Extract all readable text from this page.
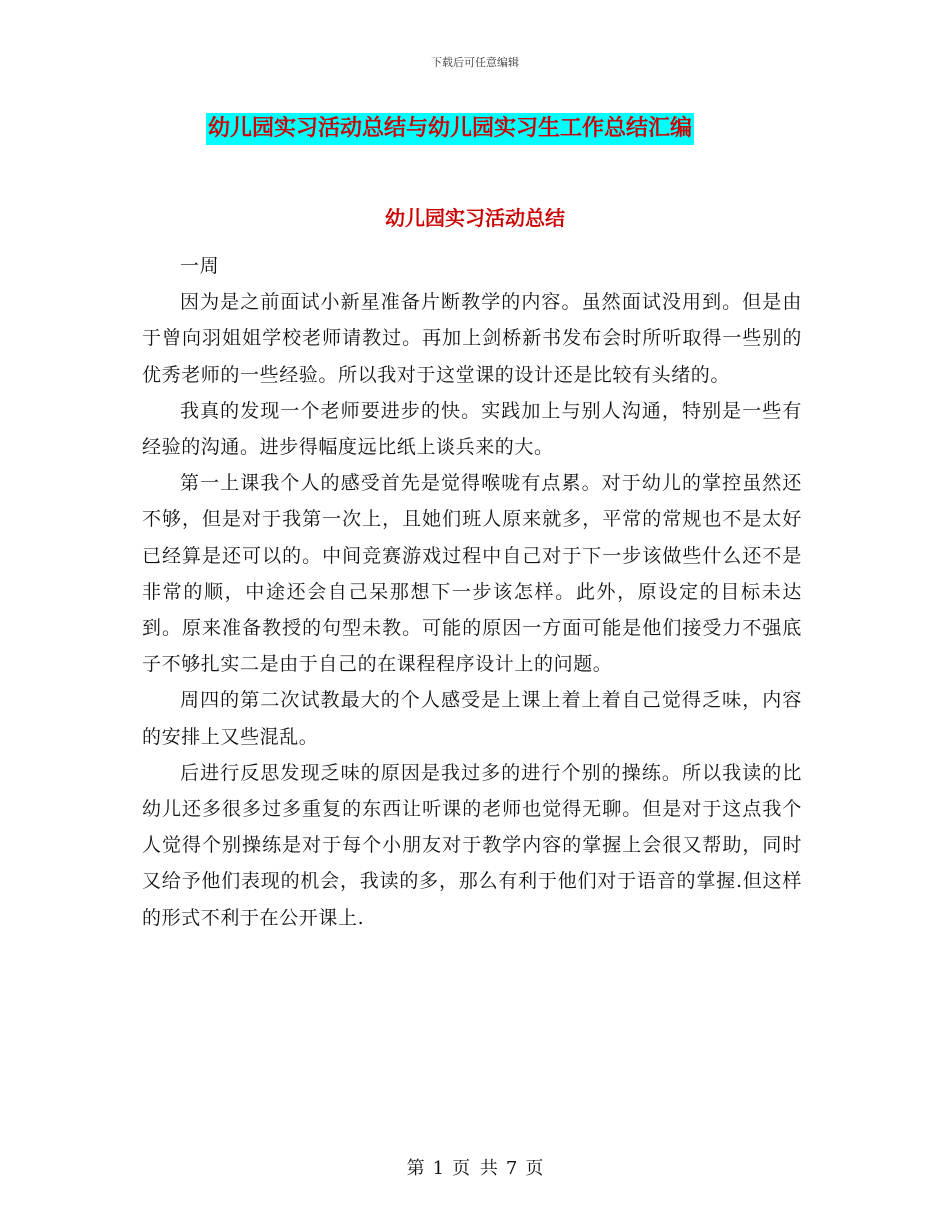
下载后可任意编辑
幼儿园实习活动总结与幼儿园实习生工作总结汇编
幼儿园实习活动总结

一周

因为是之前面试小新星准备片断教学的内容。虽然面试没用到。但是由于曾向羽姐姐学校老师请教过。再加上剑桥新书发布会时所听取得一些别的优秀老师的一些经验。所以我对于这堂课的设计还是比较有头绪的。

我真的发现一个老师要进步的快。实践加上与别人沟通，特别是一些有经验的沟通。进步得幅度远比纸上谈兵来的大。

第一上课我个人的感受首先是觉得喉咙有点累。对于幼儿的掌控虽然还不够，但是对于我第一次上，且她们班人原来就多，平常的常规也不是太好已经算是还可以的。中间竞赛游戏过程中自己对于下一步该做些什么还不是非常的顺，中途还会自己呆那想下一步该怎样。此外，原设定的目标未达到。原来准备教授的句型未教。可能的原因一方面可能是他们接受力不强底子不够扎实二是由于自己的在课程程序设计上的问题。

周四的第二次试教最大的个人感受是上课上着上着自己觉得乏味，内容的安排上又些混乱。

后进行反思发现乏味的原因是我过多的进行个别的操练。所以我读的比幼儿还多很多过多重复的东西让听课的老师也觉得无聊。但是对于这点我个人觉得个别操练是对于每个小朋友对于教学内容的掌握上会很又帮助，同时又给予他们表现的机会，我读的多，那么有利于他们对于语音的掌握.但这样的形式不利于在公开课上.

第 1 页 共 7 页
